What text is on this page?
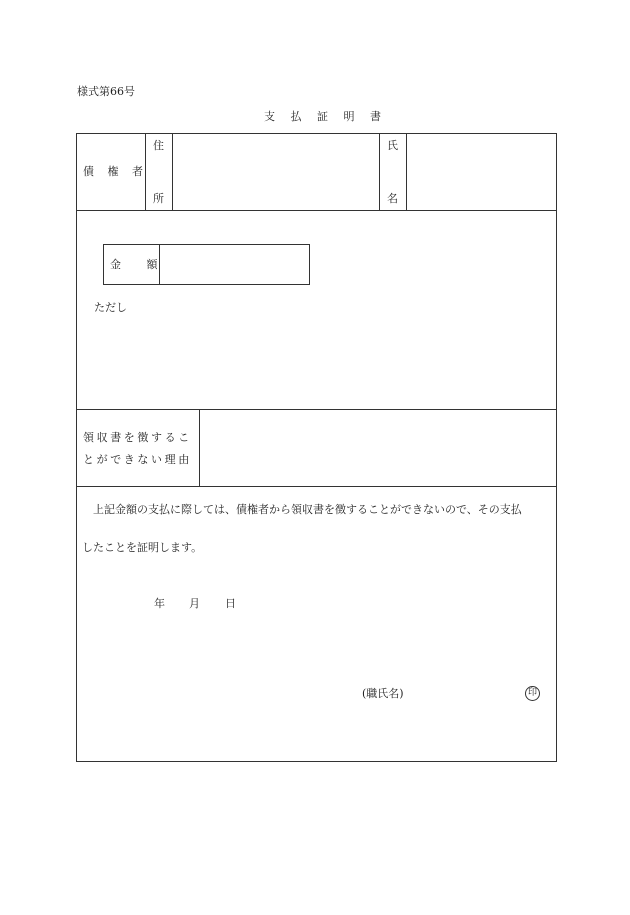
様式第66号
支 払 証 明 書
債 権 者
住
所
氏
名
金 額
ただし
領収書を徴するこ
とができない理由
上記金額の支払に際しては、債権者から領収書を徴することができないので、その支払
したことを証明します。
年 月 日
(職氏名)	印
